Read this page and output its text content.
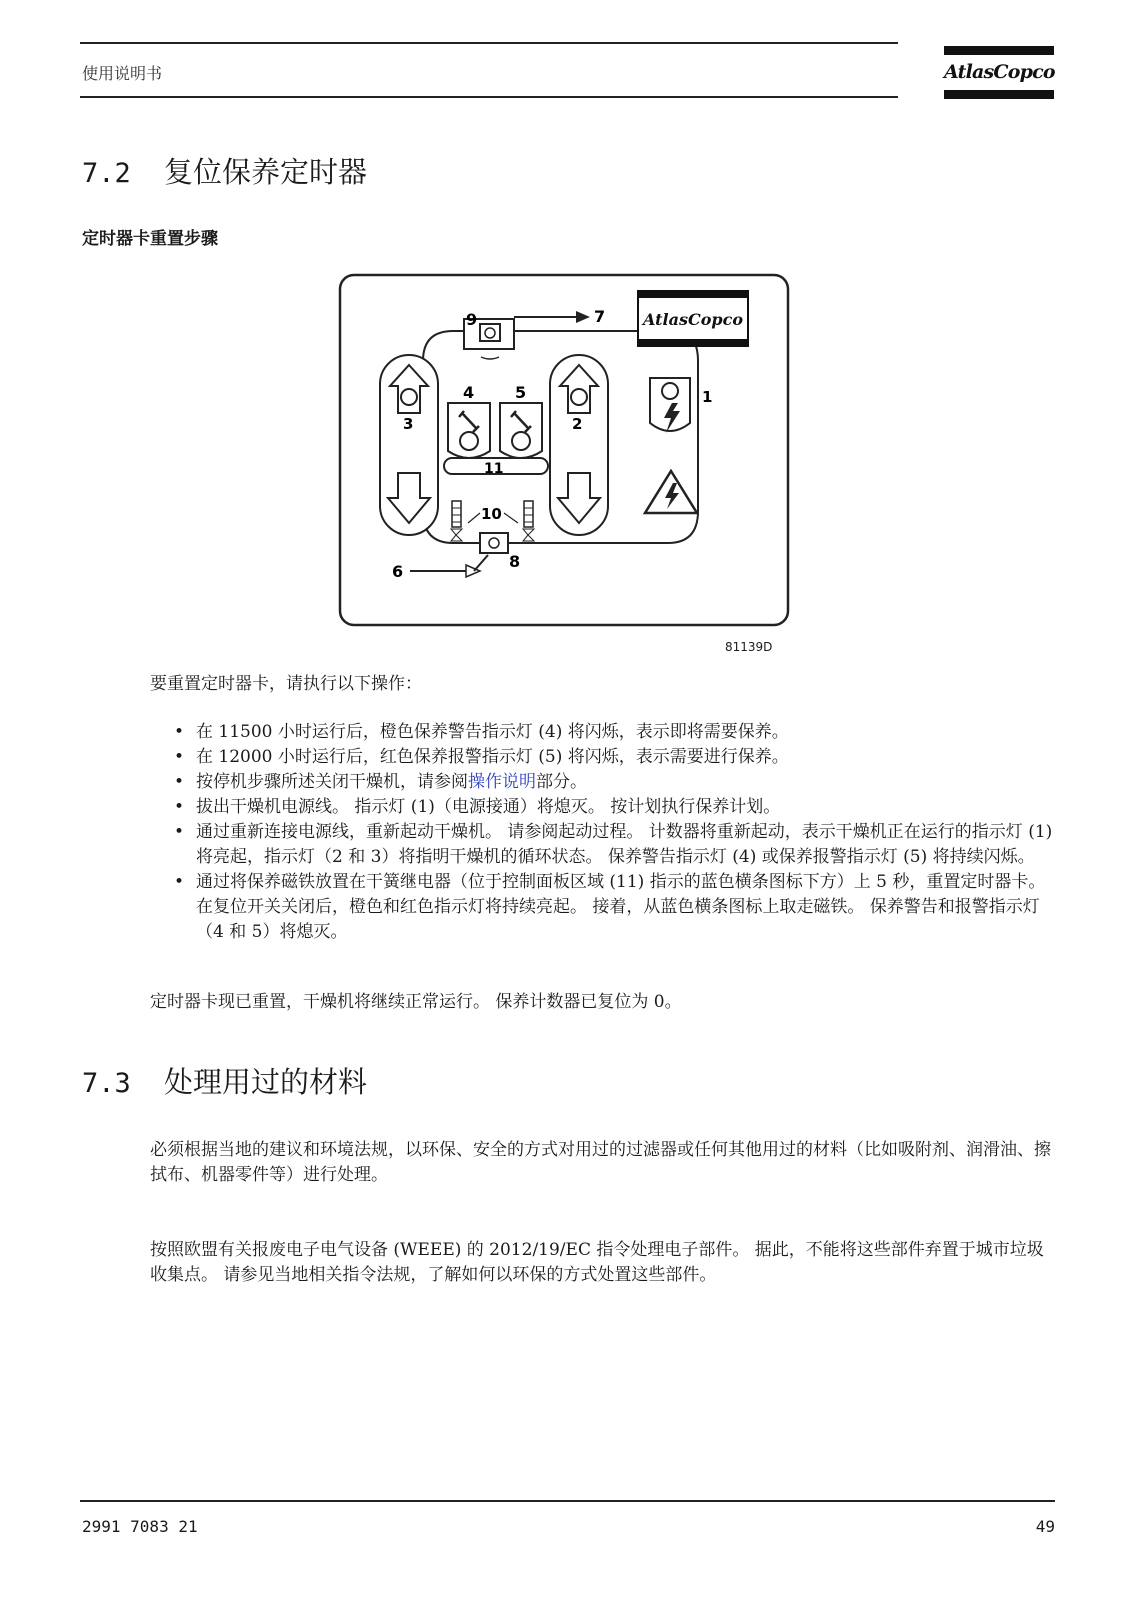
使用说明书	AtlasCopco
7.2 复位保养定时器
定时器卡重置步骤
9	7
3	2
4	5
11
10
6
8
AtlasCopco
1
81139D
要重置定时器卡，请执行以下操作：
• 在 11500 小时运行后，橙色保养警告指示灯 (4) 将闪烁，表示即将需要保养。
• 在 12000 小时运行后，红色保养报警指示灯 (5) 将闪烁，表示需要进行保养。
• 按停机步骤所述关闭干燥机，请参阅操作说明部分。
• 拔出干燥机电源线。 指示灯 (1)（电源接通）将熄灭。 按计划执行保养计划。
• 通过重新连接电源线，重新起动干燥机。 请参阅起动过程。 计数器将重新起动，表示干燥机正在运行的指示灯 (1) 将亮起，指示灯（2 和 3）将指明干燥机的循环状态。 保养警告指示灯 (4) 或保养报警指示灯 (5) 将持续闪烁。
• 通过将保养磁铁放置在干簧继电器（位于控制面板区域 (11) 指示的蓝色横条图标下方）上 5 秒，重置定时器卡。 在复位开关关闭后，橙色和红色指示灯将持续亮起。 接着，从蓝色横条图标上取走磁铁。 保养警告和报警指示灯（4 和 5）将熄灭。
定时器卡现已重置，干燥机将继续正常运行。 保养计数器已复位为 0。
7.3 处理用过的材料
必须根据当地的建议和环境法规，以环保、安全的方式对用过的过滤器或任何其他用过的材料（比如吸附剂、润滑油、擦拭布、机器零件等）进行处理。
按照欧盟有关报废电子电气设备 (WEEE) 的 2012/19/EC 指令处理电子部件。 据此，不能将这些部件弃置于城市垃圾收集点。 请参见当地相关指令法规，了解如何以环保的方式处置这些部件。
2991 7083 21	49
